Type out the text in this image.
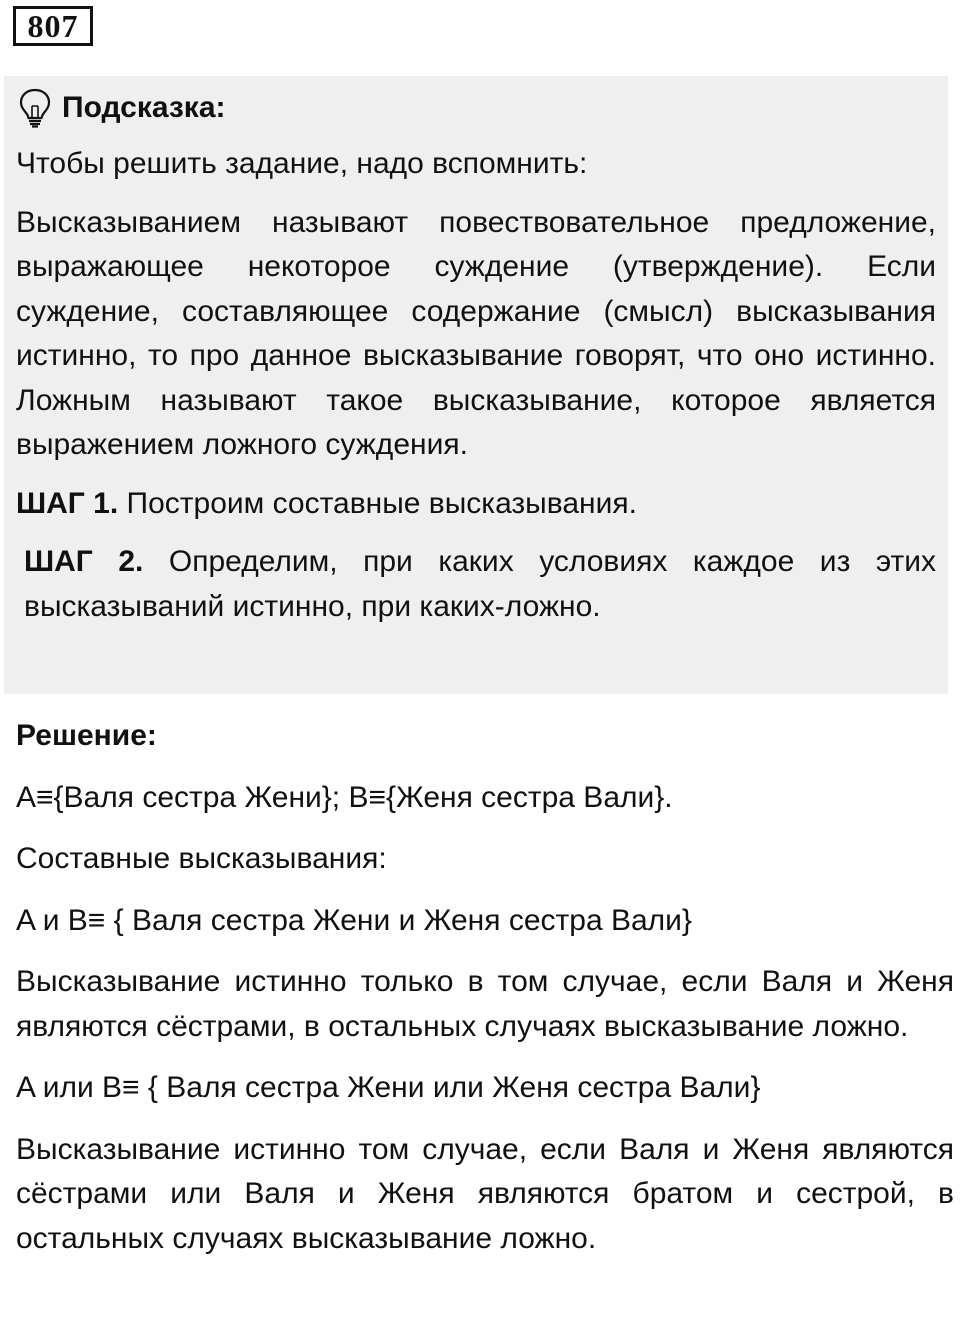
807
Подсказка:

Чтобы решить задание, надо вспомнить:

Высказыванием называют повествовательное предложение, выражающее некоторое суждение (утверждение). Если суждение, составляющее содержание (смысл) высказывания истинно, то про данное высказывание говорят, что оно истинно. Ложным называют такое высказывание, которое является выражением ложного суждения.

ШАГ 1. Построим составные высказывания.

ШАГ 2. Определим, при каких условиях каждое из этих высказываний истинно, при каких-ложно.

Решение:

A≡{Валя сестра Жени}; B≡{Женя сестра Вали}.

Составные высказывания:

A и B≡ { Валя сестра Жени и Женя сестра Вали}

Высказывание истинно только в том случае, если Валя и Женя являются сёстрами, в остальных случаях высказывание ложно.

A или B≡ { Валя сестра Жени или Женя сестра Вали}

Высказывание истинно том случае, если Валя и Женя являются сёстрами или Валя и Женя являются братом и сестрой, в остальных случаях высказывание ложно.
